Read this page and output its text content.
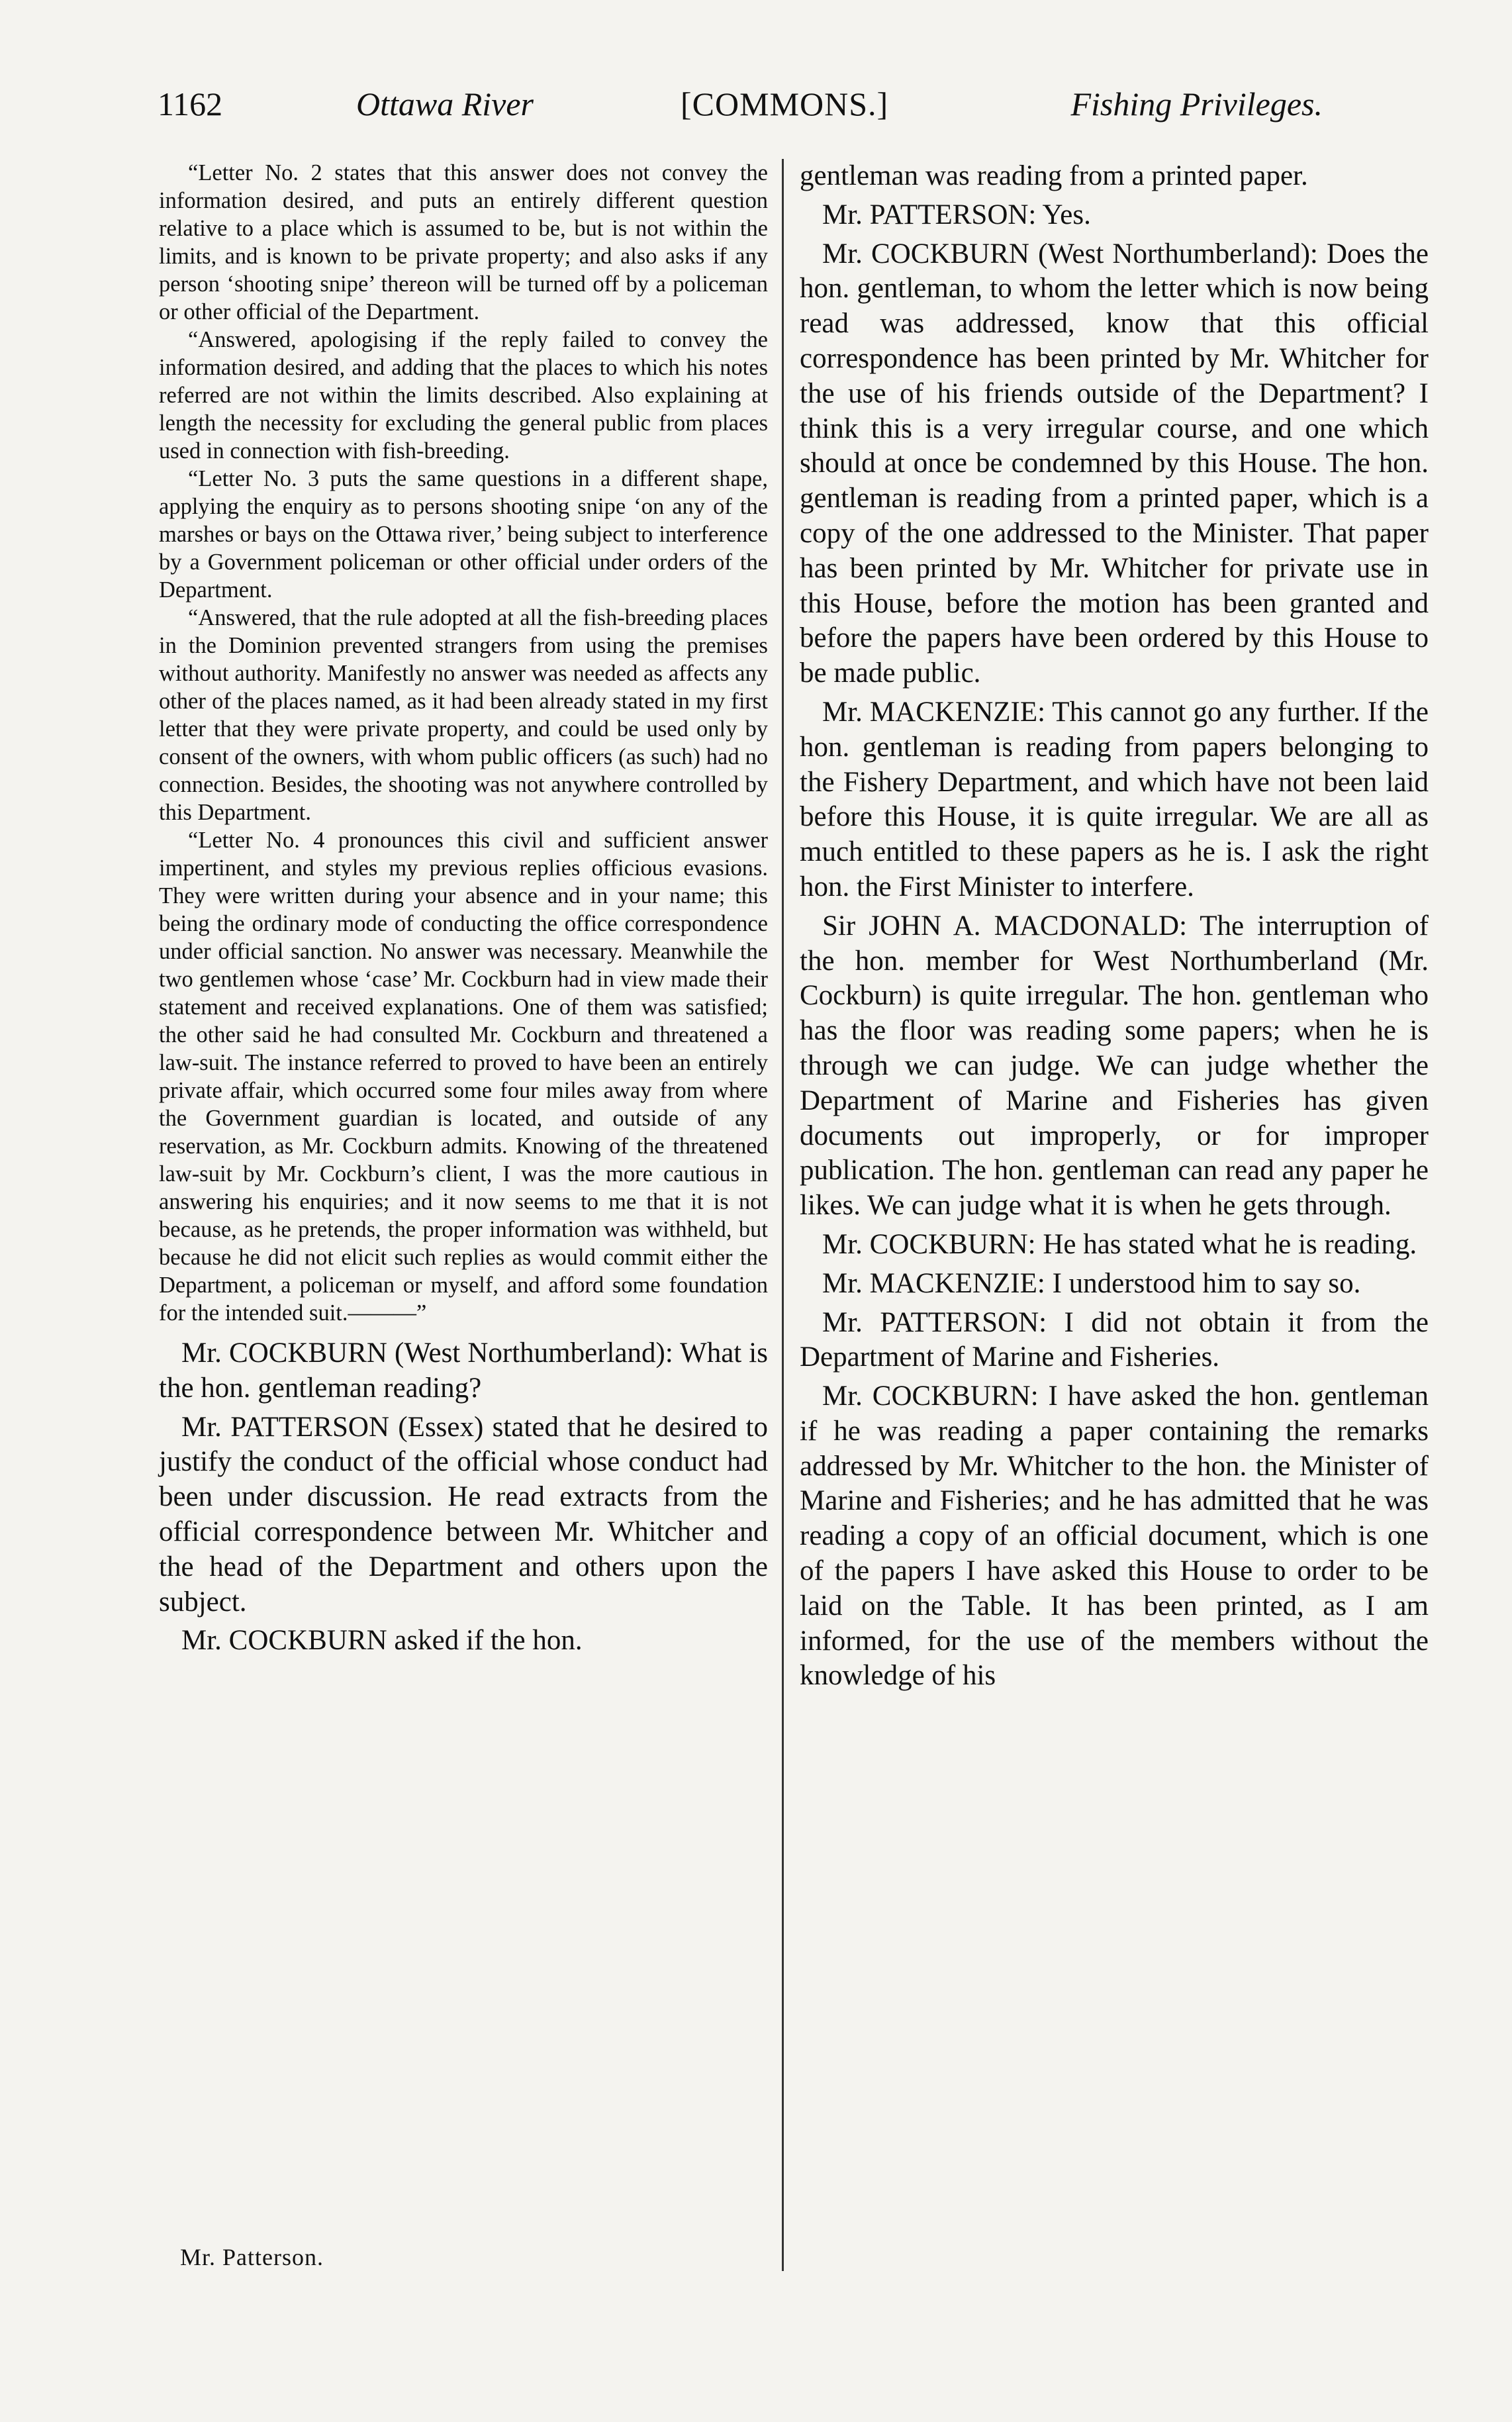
1162	Ottawa River	[COMMONS.]	Fishing Privileges.

“Letter No. 2 states that this answer does not convey the information desired, and puts an entirely different question relative to a place which is assumed to be, but is not within the limits, and is known to be private property; and also asks if any person ‘shooting snipe’ thereon will be turned off by a policeman or other official of the Department.

“Answered, apologising if the reply failed to convey the information desired, and adding that the places to which his notes referred are not within the limits described. Also explaining at length the necessity for excluding the general public from places used in connection with fish-breeding.

“Letter No. 3 puts the same questions in a different shape, applying the enquiry as to persons shooting snipe ‘on any of the marshes or bays on the Ottawa river,’ being subject to interference by a Government policeman or other official under orders of the Department.

“Answered, that the rule adopted at all the fish-breeding places in the Dominion prevented strangers from using the premises without authority. Manifestly no answer was needed as affects any other of the places named, as it had been already stated in my first letter that they were private property, and could be used only by consent of the owners, with whom public officers (as such) had no connection. Besides, the shooting was not anywhere controlled by this Department.

“Letter No. 4 pronounces this civil and sufficient answer impertinent, and styles my previous replies officious evasions. They were written during your absence and in your name; this being the ordinary mode of conducting the office correspondence under official sanction. No answer was necessary. Meanwhile the two gentlemen whose ‘case’ Mr. Cockburn had in view made their statement and received explanations. One of them was satisfied; the other said he had consulted Mr. Cockburn and threatened a law-suit. The instance referred to proved to have been an entirely private affair, which occurred some four miles away from where the Government guardian is located, and outside of any reservation, as Mr. Cockburn admits. Knowing of the threatened law-suit by Mr. Cockburn’s client, I was the more cautious in answering his enquiries; and it now seems to me that it is not because, as he pretends, the proper information was withheld, but because he did not elicit such replies as would commit either the Department, a policeman or myself, and afford some foundation for the intended suit.———”

Mr. COCKBURN (West Northumberland): What is the hon. gentleman reading?

Mr. PATTERSON (Essex) stated that he desired to justify the conduct of the official whose conduct had been under discussion. He read extracts from the official correspondence between Mr. Whitcher and the head of the Department and others upon the subject.

Mr. COCKBURN asked if the hon.

gentleman was reading from a printed paper.

Mr. PATTERSON: Yes.

Mr. COCKBURN (West Northumberland): Does the hon. gentleman, to whom the letter which is now being read was addressed, know that this official correspondence has been printed by Mr. Whitcher for the use of his friends outside of the Department? I think this is a very irregular course, and one which should at once be condemned by this House. The hon. gentleman is reading from a printed paper, which is a copy of the one addressed to the Minister. That paper has been printed by Mr. Whitcher for private use in this House, before the motion has been granted and before the papers have been ordered by this House to be made public.

Mr. MACKENZIE: This cannot go any further. If the hon. gentleman is reading from papers belonging to the Fishery Department, and which have not been laid before this House, it is quite irregular. We are all as much entitled to these papers as he is. I ask the right hon. the First Minister to interfere.

Sir JOHN A. MACDONALD: The interruption of the hon. member for West Northumberland (Mr. Cockburn) is quite irregular. The hon. gentleman who has the floor was reading some papers; when he is through we can judge. We can judge whether the Department of Marine and Fisheries has given documents out improperly, or for improper publication. The hon. gentleman can read any paper he likes. We can judge what it is when he gets through.

Mr. COCKBURN: He has stated what he is reading.

Mr. MACKENZIE: I understood him to say so.

Mr. PATTERSON: I did not obtain it from the Department of Marine and Fisheries.

Mr. COCKBURN: I have asked the hon. gentleman if he was reading a paper containing the remarks addressed by Mr. Whitcher to the hon. the Minister of Marine and Fisheries; and he has admitted that he was reading a copy of an official document, which is one of the papers I have asked this House to order to be laid on the Table. It has been printed, as I am informed, for the use of the members without the knowledge of his

Mr. Patterson.
